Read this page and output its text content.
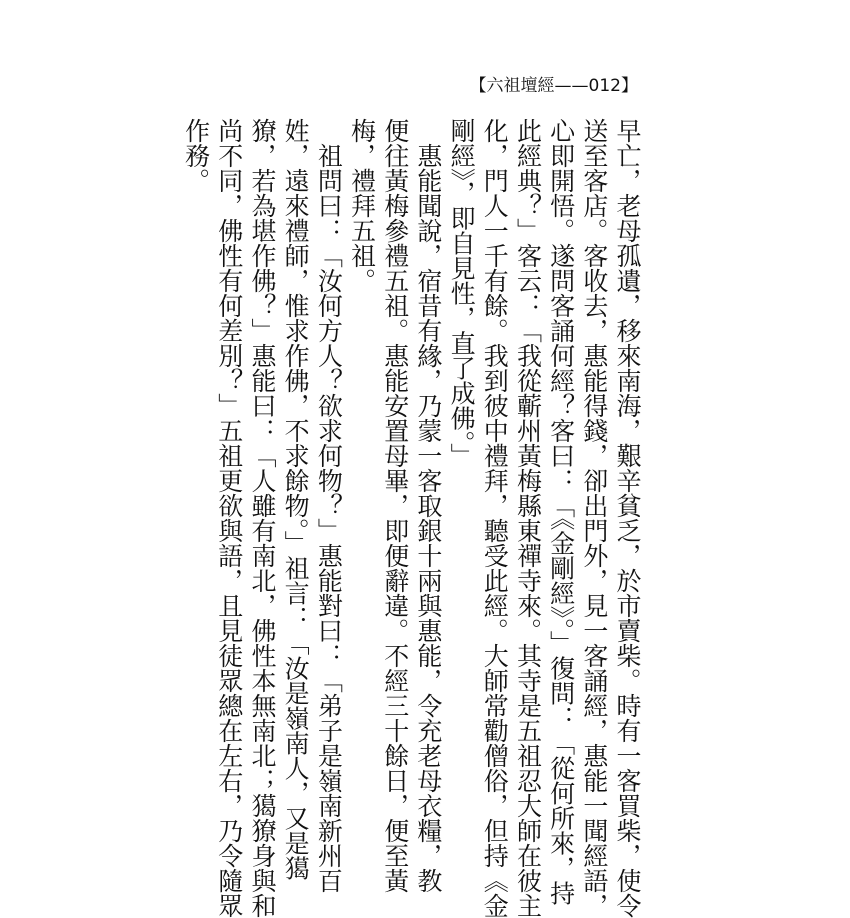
【六祖壇經——012】
早亡，老母孤遺，移來南海，艱辛貧乏，於市賣柴。時有一客買柴，使令
送至客店。客收去，惠能得錢，卻出門外，見一客誦經，惠能一聞經語，
心即開悟。遂問客誦何經？客曰：「《金剛經》。」復問：「從何所來，持
此經典？」客云：「我從蘄州黃梅縣東禪寺來。其寺是五祖忍大師在彼主
化，門人一千有餘。我到彼中禮拜，聽受此經。大師常勸僧俗，但持《金
剛經》，即自見性，直了成佛。」
　惠能聞說，宿昔有緣，乃蒙一客取銀十兩與惠能，令充老母衣糧，教
便往黃梅參禮五祖。惠能安置母畢，即便辭違。不經三十餘日，便至黃
梅，禮拜五祖。
　祖問曰：「汝何方人？欲求何物？」惠能對曰：「弟子是嶺南新州百
姓，遠來禮師，惟求作佛，不求餘物。」祖言：「汝是嶺南人，又是獦
獠，若為堪作佛？」惠能曰：「人雖有南北，佛性本無南北；獦獠身與和
尚不同，佛性有何差別？」五祖更欲與語，且見徒眾總在左右，乃令隨眾
作務。
